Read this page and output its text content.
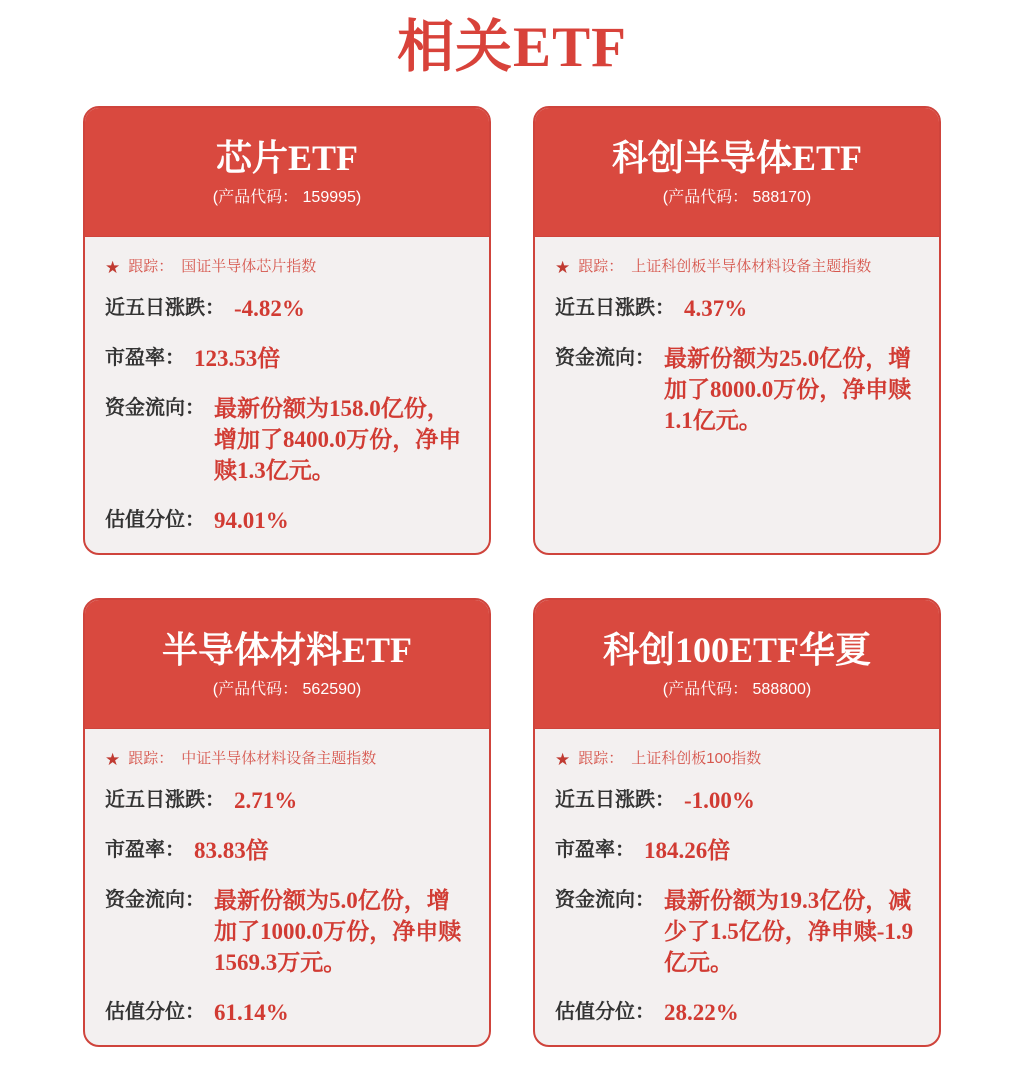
相关ETF
芯片ETF
(产品代码： 159995)
★ 跟踪： 国证半导体芯片指数
近五日涨跌： -4.82%
市盈率： 123.53倍
资金流向： 最新份额为158.0亿份，增加了8400.0万份，净申赎1.3亿元。
估值分位： 94.01%
科创半导体ETF
(产品代码： 588170)
★ 跟踪： 上证科创板半导体材料设备主题指数
近五日涨跌： 4.37%
资金流向： 最新份额为25.0亿份，增加了8000.0万份，净申赎1.1亿元。
半导体材料ETF
(产品代码： 562590)
★ 跟踪： 中证半导体材料设备主题指数
近五日涨跌： 2.71%
市盈率： 83.83倍
资金流向： 最新份额为5.0亿份，增加了1000.0万份，净申赎1569.3万元。
估值分位： 61.14%
科创100ETF华夏
(产品代码： 588800)
★ 跟踪： 上证科创板100指数
近五日涨跌： -1.00%
市盈率： 184.26倍
资金流向： 最新份额为19.3亿份，减少了1.5亿份，净申赎-1.9亿元。
估值分位： 28.22%
